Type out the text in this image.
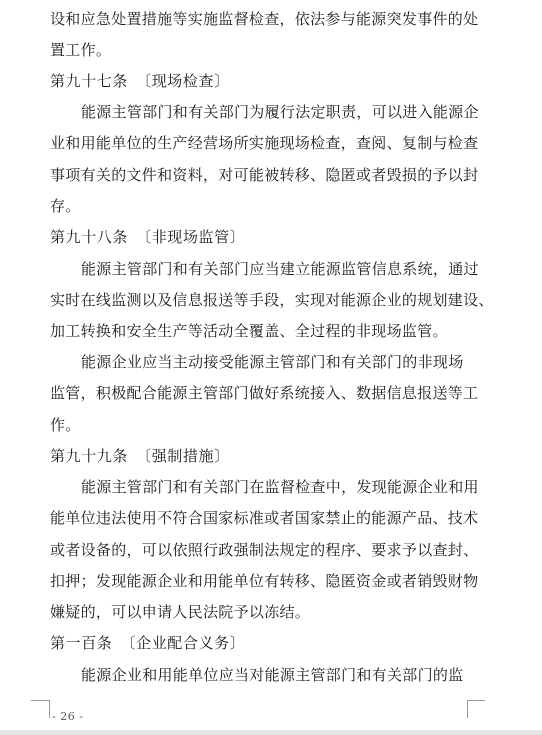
设和应急处置措施等实施监督检查，依法参与能源突发事件的处
置工作。
第九十七条　〔现场检查〕
能源主管部门和有关部门为履行法定职责，可以进入能源企
业和用能单位的生产经营场所实施现场检查，查阅、复制与检查
事项有关的文件和资料，对可能被转移、隐匿或者毁损的予以封
存。
第九十八条　〔非现场监管〕
能源主管部门和有关部门应当建立能源监管信息系统，通过
实时在线监测以及信息报送等手段，实现对能源企业的规划建设、
加工转换和安全生产等活动全覆盖、全过程的非现场监管。
能源企业应当主动接受能源主管部门和有关部门的非现场
监管，积极配合能源主管部门做好系统接入、数据信息报送等工
作。
第九十九条　〔强制措施〕
能源主管部门和有关部门在监督检查中，发现能源企业和用
能单位违法使用不符合国家标准或者国家禁止的能源产品、技术
或者设备的，可以依照行政强制法规定的程序、要求予以查封、
扣押；发现能源企业和用能单位有转移、隐匿资金或者销毁财物
嫌疑的，可以申请人民法院予以冻结。
第一百条　〔企业配合义务〕
能源企业和用能单位应当对能源主管部门和有关部门的监
- 26 -
